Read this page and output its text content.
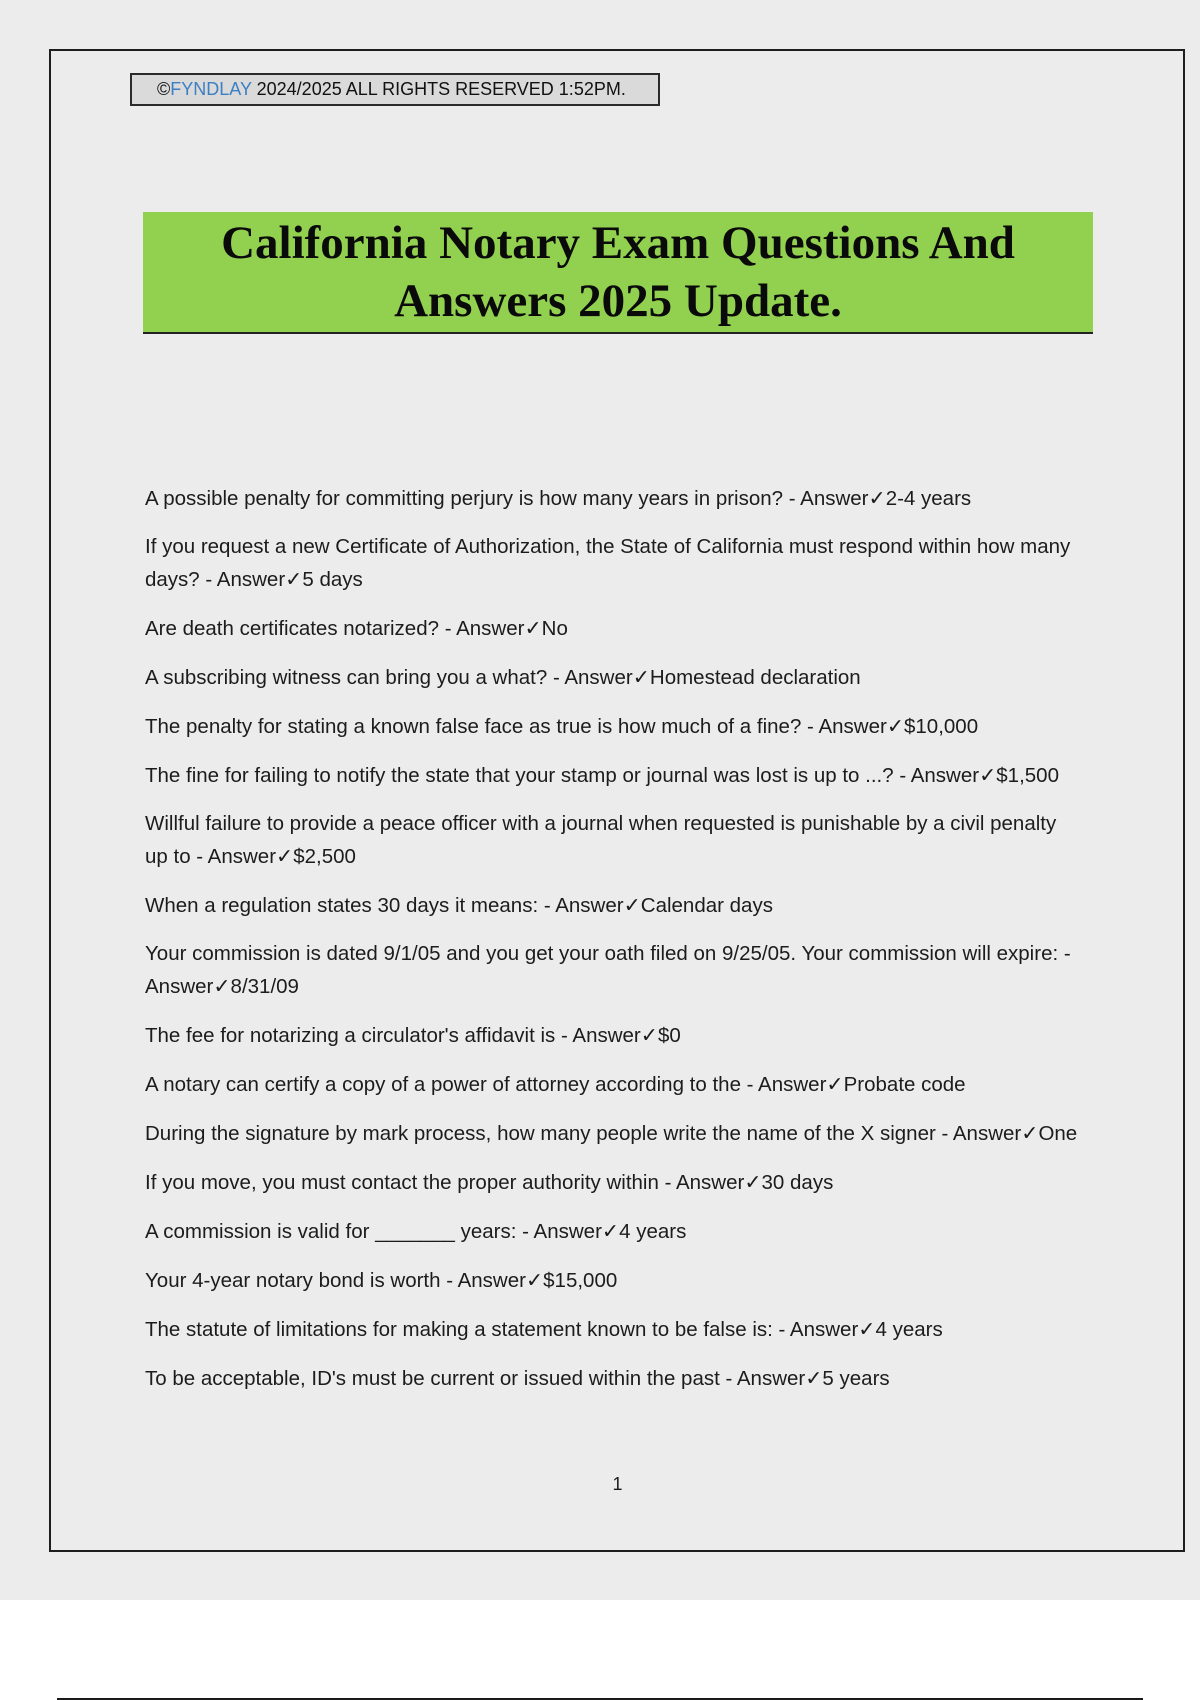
©FYNDLAY 2024/2025 ALL RIGHTS RESERVED 1:52PM.
California Notary Exam Questions And
Answers 2025 Update.
A possible penalty for committing perjury is how many years in prison? - Answer✓2-4 years
If you request a new Certificate of Authorization, the State of California must respond within how many days? - Answer✓5 days
Are death certificates notarized? - Answer✓No
A subscribing witness can bring you a what? - Answer✓Homestead declaration
The penalty for stating a known false face as true is how much of a fine? - Answer✓$10,000
The fine for failing to notify the state that your stamp or journal was lost is up to ...? - Answer✓$1,500
Willful failure to provide a peace officer with a journal when requested is punishable by a civil penalty up to - Answer✓$2,500
When a regulation states 30 days it means: - Answer✓Calendar days
Your commission is dated 9/1/05 and you get your oath filed on 9/25/05. Your commission will expire: - Answer✓8/31/09
The fee for notarizing a circulator's affidavit is - Answer✓$0
A notary can certify a copy of a power of attorney according to the - Answer✓Probate code
During the signature by mark process, how many people write the name of the X signer - Answer✓One
If you move, you must contact the proper authority within - Answer✓30 days
A commission is valid for _______ years: - Answer✓4 years
Your 4-year notary bond is worth - Answer✓$15,000
The statute of limitations for making a statement known to be false is: - Answer✓4 years
To be acceptable, ID's must be current or issued within the past - Answer✓5 years
1
